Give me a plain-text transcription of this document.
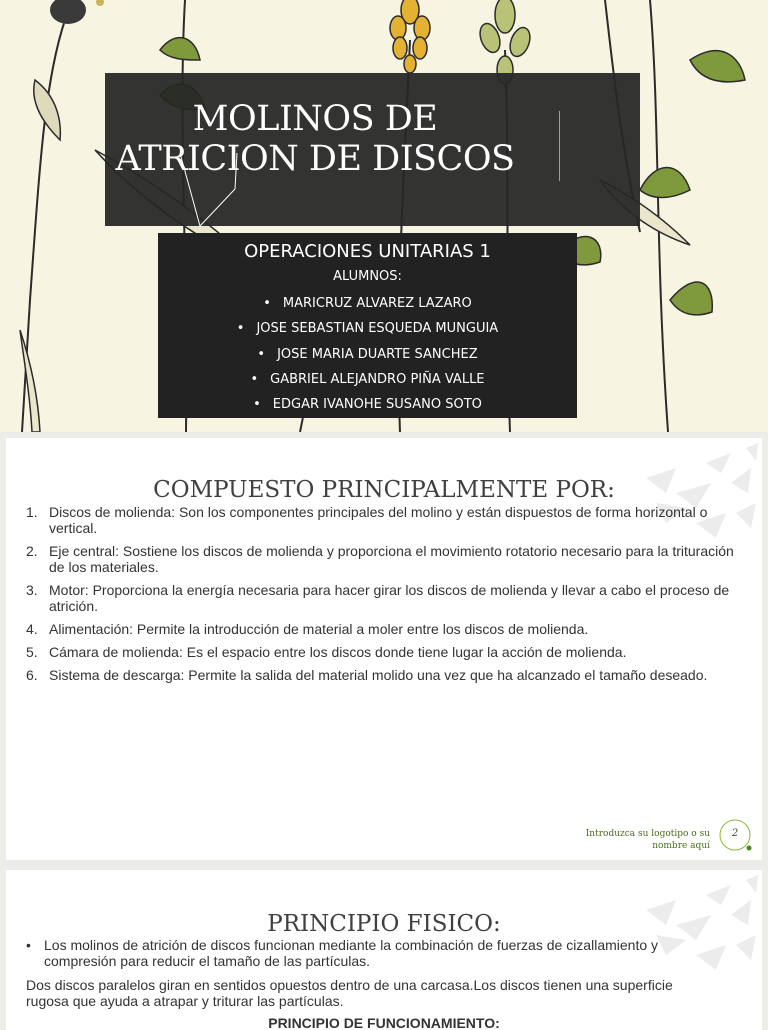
MOLINOS DE
ATRICION DE DISCOS
OPERACIONES UNITARIAS 1
ALUMNOS:
• MARICRUZ ALVAREZ LAZARO
• JOSE SEBASTIAN ESQUEDA MUNGUIA
• JOSE MARIA DUARTE SANCHEZ
• GABRIEL ALEJANDRO PIÑA VALLE
• EDGAR IVANOHE SUSANO SOTO
COMPUESTO PRINCIPALMENTE POR:
1. Discos de molienda: Son los componentes principales del molino y están dispuestos de forma horizontal o vertical.
2. Eje central: Sostiene los discos de molienda y proporciona el movimiento rotatorio necesario para la trituración de los materiales.
3. Motor: Proporciona la energía necesaria para hacer girar los discos de molienda y llevar a cabo el proceso de atrición.
4. Alimentación: Permite la introducción de material a moler entre los discos de molienda.
5. Cámara de molienda: Es el espacio entre los discos donde tiene lugar la acción de molienda.
6. Sistema de descarga: Permite la salida del material molido una vez que ha alcanzado el tamaño deseado.
Introduzca su logotipo o su
nombre aquí
2
PRINCIPIO FISICO:
• Los molinos de atrición de discos funcionan mediante la combinación de fuerzas de cizallamiento y compresión para reducir el tamaño de las partículas.
Dos discos paralelos giran en sentidos opuestos dentro de una carcasa.Los discos tienen una superficie rugosa que ayuda a atrapar y triturar las partículas.
PRINCIPIO DE FUNCIONAMIENTO:
